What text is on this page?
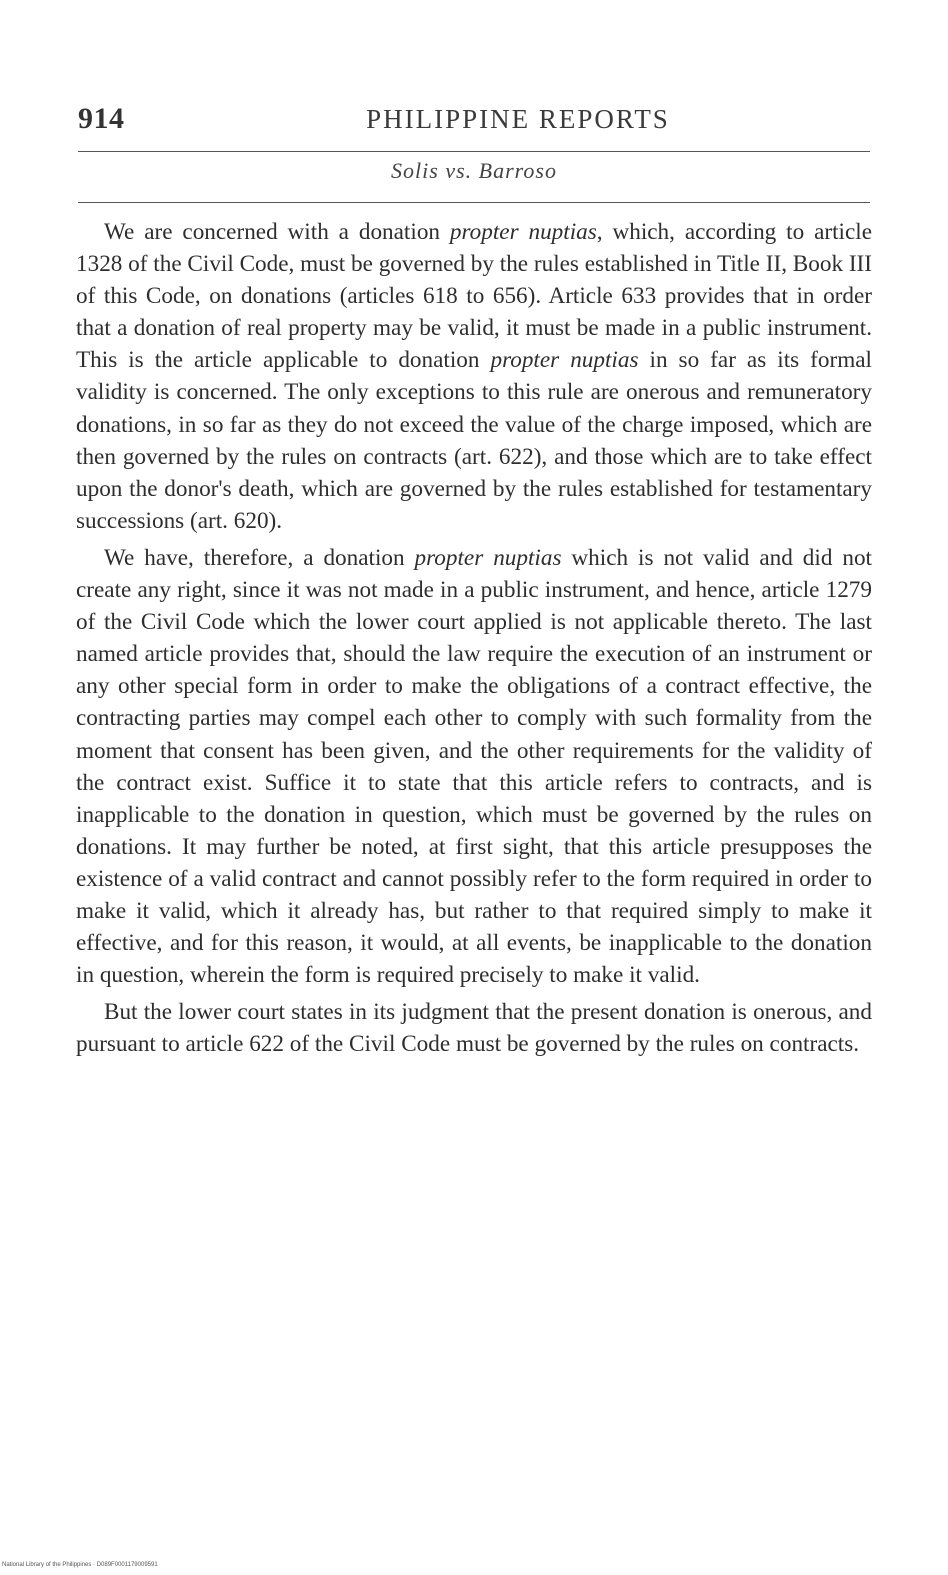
914	PHILIPPINE REPORTS
Solis vs. Barroso

We are concerned with a donation propter nuptias, which, according to article 1328 of the Civil Code, must be governed by the rules established in Title II, Book III of this Code, on donations (articles 618 to 656). Article 633 provides that in order that a donation of real property may be valid, it must be made in a public instrument. This is the article applicable to donation propter nuptias in so far as its formal validity is concerned. The only exceptions to this rule are onerous and remuneratory donations, in so far as they do not exceed the value of the charge imposed, which are then governed by the rules on contracts (art. 622), and those which are to take effect upon the donor's death, which are governed by the rules established for testamentary successions (art. 620).

We have, therefore, a donation propter nuptias which is not valid and did not create any right, since it was not made in a public instrument, and hence, article 1279 of the Civil Code which the lower court applied is not applicable thereto. The last named article provides that, should the law require the execution of an instrument or any other special form in order to make the obligations of a contract effective, the contracting parties may compel each other to comply with such formality from the moment that consent has been given, and the other requirements for the validity of the contract exist. Suffice it to state that this article refers to contracts, and is inapplicable to the donation in question, which must be governed by the rules on donations. It may further be noted, at first sight, that this article presupposes the existence of a valid contract and cannot possibly refer to the form required in order to make it valid, which it already has, but rather to that required simply to make it effective, and for this reason, it would, at all events, be inapplicable to the donation in question, wherein the form is required precisely to make it valid.

But the lower court states in its judgment that the present donation is onerous, and pursuant to article 622 of the Civil Code must be governed by the rules on contracts.

National Library of the Philippines · D089F0001179009591
